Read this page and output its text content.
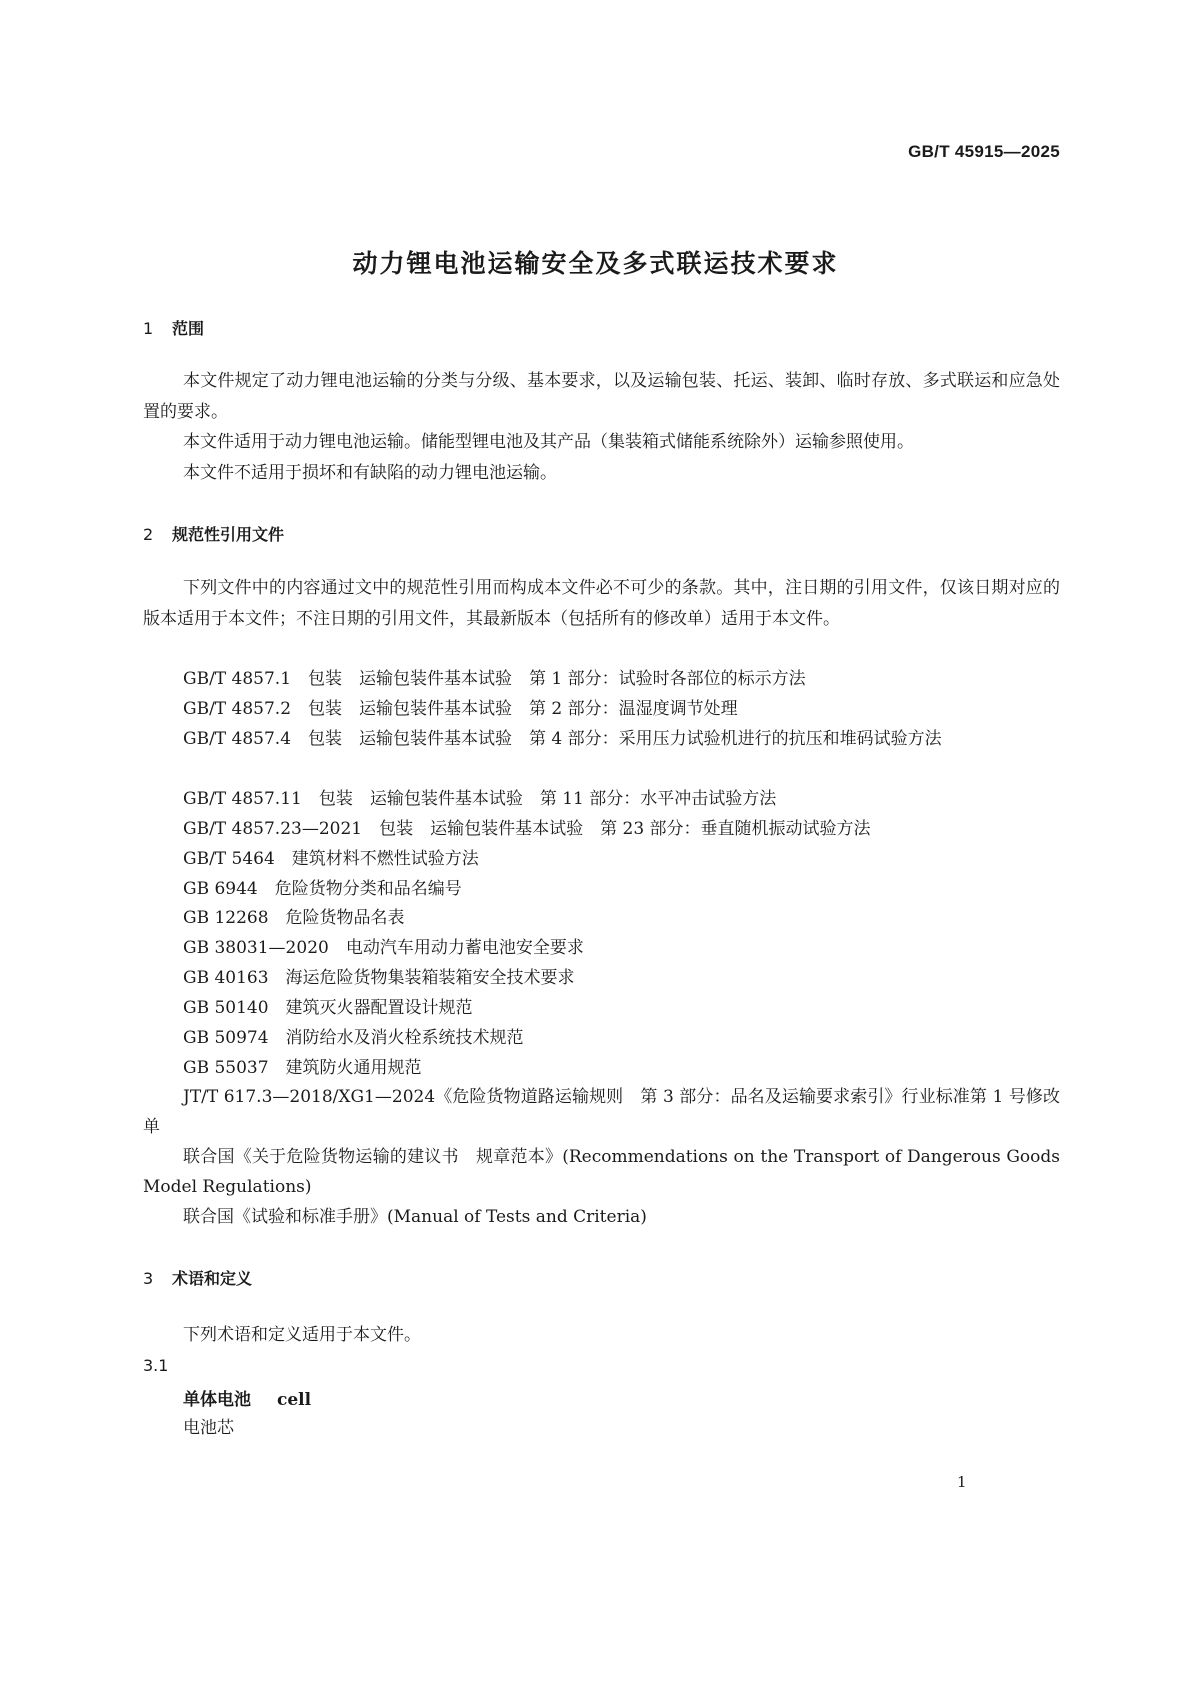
GB/T 45915—2025
动力锂电池运输安全及多式联运技术要求
1 范围

本文件规定了动力锂电池运输的分类与分级、基本要求，以及运输包装、托运、装卸、临时存放、多式联运和应急处置的要求。

本文件适用于动力锂电池运输。储能型锂电池及其产品（集装箱式储能系统除外）运输参照使用。

本文件不适用于损坏和有缺陷的动力锂电池运输。

2 规范性引用文件
下列文件中的内容通过文中的规范性引用而构成本文件必不可少的条款。其中，注日期的引用文件，仅该日期对应的版本适用于本文件；不注日期的引用文件，其最新版本（包括所有的修改单）适用于本文件。
GB/T 4857.1　包装　运输包装件基本试验　第 1 部分：试验时各部位的标示方法
GB/T 4857.2　包装　运输包装件基本试验　第 2 部分：温湿度调节处理
GB/T 4857.4　包装　运输包装件基本试验　第 4 部分：采用压力试验机进行的抗压和堆码试验方法
GB/T 4857.11　包装　运输包装件基本试验　第 11 部分：水平冲击试验方法
GB/T 4857.23—2021　包装　运输包装件基本试验　第 23 部分：垂直随机振动试验方法
GB/T 5464　建筑材料不燃性试验方法
GB 6944　危险货物分类和品名编号
GB 12268　危险货物品名表
GB 38031—2020　电动汽车用动力蓄电池安全要求
GB 40163　海运危险货物集装箱装箱安全技术要求
GB 50140　建筑灭火器配置设计规范
GB 50974　消防给水及消火栓系统技术规范
GB 55037　建筑防火通用规范
JT/T 617.3—2018/XG1—2024《危险货物道路运输规则　第 3 部分：品名及运输要求索引》行业标准第 1 号修改单
联合国《关于危险货物运输的建议书　规章范本》(Recommendations on the Transport of Dangerous Goods Model Regulations)
联合国《试验和标准手册》(Manual of Tests and Criteria)
3 术语和定义
下列术语和定义适用于本文件。
3.1
单体电池 cell
电池芯
1
